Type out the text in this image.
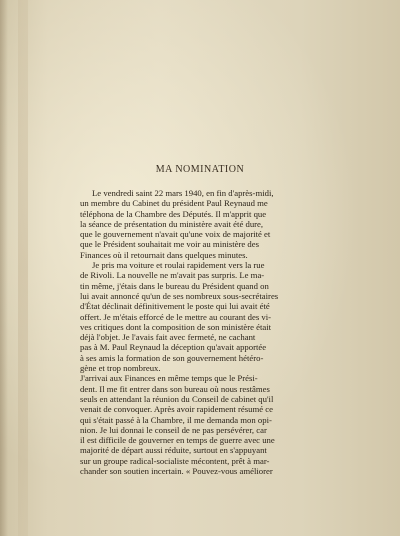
MA NOMINATION
Le vendredi saint 22 mars 1940, en fin d'après-midi,
un membre du Cabinet du président Paul Reynaud me
téléphona de la Chambre des Députés. Il m'apprit que
la séance de présentation du ministère avait été dure,
que le gouvernement n'avait qu'une voix de majorité et
que le Président souhaitait me voir au ministère des
Finances où il retournait dans quelques minutes.
Je pris ma voiture et roulai rapidement vers la rue
de Rivoli. La nouvelle ne m'avait pas surpris. Le ma-
tin même, j'étais dans le bureau du Président quand on
lui avait annoncé qu'un de ses nombreux sous-secrétaires
d'État déclinait définitivement le poste qui lui avait été
offert. Je m'étais efforcé de le mettre au courant des vi-
ves critiques dont la composition de son ministère était
déjà l'objet. Je l'avais fait avec fermeté, ne cachant
pas à M. Paul Reynaud la déception qu'avait apportée
à ses amis la formation de son gouvernement hétéro-
gène et trop nombreux.
J'arrivai aux Finances en même temps que le Prési-
dent. Il me fit entrer dans son bureau où nous restâmes
seuls en attendant la réunion du Conseil de cabinet qu'il
venait de convoquer. Après avoir rapidement résumé ce
qui s'était passé à la Chambre, il me demanda mon opi-
nion. Je lui donnai le conseil de ne pas persévérer, car
il est difficile de gouverner en temps de guerre avec une
majorité de départ aussi réduite, surtout en s'appuyant
sur un groupe radical-socialiste mécontent, prêt à mar-
chander son soutien incertain. « Pouvez-vous améliorer
